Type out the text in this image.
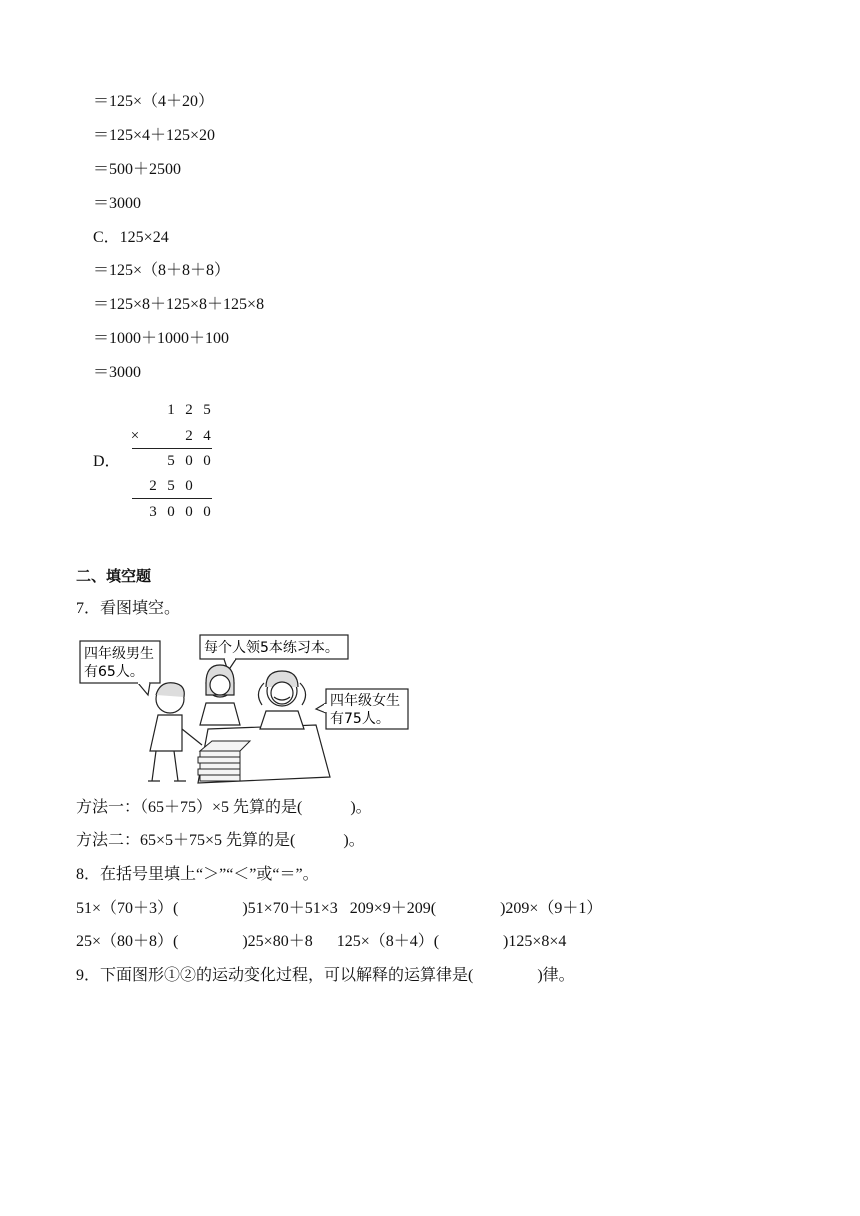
＝125×（4＋20）
＝125×4＋125×20
＝500＋2500
＝3000
C．125×24
＝125×（8＋8＋8）
＝125×8＋125×8＋125×8
＝1000＋1000＋100
＝3000
D．
1 2 5
×	2 4
5 0 0
2 5 0
3 0 0 0
二、填空题
7．看图填空。
四年级男生
有65人。
每个人领5本练习本。
四年级女生
有75人。
方法一：（65＋75）×5 先算的是(　　　)。
方法二：65×5＋75×5 先算的是(　　　)。
8．在括号里填上“＞”“＜”或“＝”。
51×（70＋3）(　　　　)51×70＋51×3   209×9＋209(　　　　)209×（9＋1）
25×（80＋8）(　　　　)25×80＋8      125×（8＋4）(　　　　)125×8×4
9．下面图形①②的运动变化过程，可以解释的运算律是(　　　　)律。
